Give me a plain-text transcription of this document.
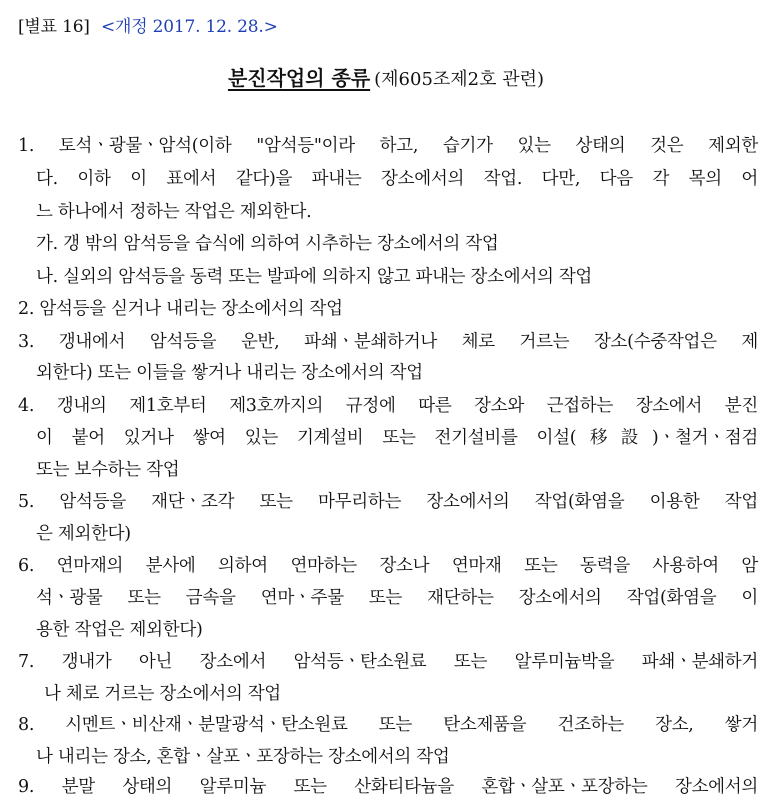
[별표 16] <개정 2017. 12. 28.>
분진작업의 종류 (제605조제2호 관련)
1. 토석ㆍ광물ㆍ암석(이하 "암석등"이라 하고, 습기가 있는 상태의 것은 제외한
다. 이하 이 표에서 같다)을 파내는 장소에서의 작업. 다만, 다음 각 목의 어
느 하나에서 정하는 작업은 제외한다.
가. 갱 밖의 암석등을 습식에 의하여 시추하는 장소에서의 작업
나. 실외의 암석등을 동력 또는 발파에 의하지 않고 파내는 장소에서의 작업
2. 암석등을 싣거나 내리는 장소에서의 작업
3. 갱내에서 암석등을 운반, 파쇄ㆍ분쇄하거나 체로 거르는 장소(수중작업은 제
외한다) 또는 이들을 쌓거나 내리는 장소에서의 작업
4. 갱내의 제1호부터 제3호까지의 규정에 따른 장소와 근접하는 장소에서 분진
이 붙어 있거나 쌓여 있는 기계설비 또는 전기설비를 이설(移設)ㆍ철거ㆍ점검
또는 보수하는 작업
5. 암석등을 재단ㆍ조각 또는 마무리하는 장소에서의 작업(화염을 이용한 작업
은 제외한다)
6. 연마재의 분사에 의하여 연마하는 장소나 연마재 또는 동력을 사용하여 암
석ㆍ광물 또는 금속을 연마ㆍ주물 또는 재단하는 장소에서의 작업(화염을 이
용한 작업은 제외한다)
7. 갱내가 아닌 장소에서 암석등ㆍ탄소원료 또는 알루미늄박을 파쇄ㆍ분쇄하거
나 체로 거르는 장소에서의 작업
8. 시멘트ㆍ비산재ㆍ분말광석ㆍ탄소원료 또는 탄소제품을 건조하는 장소, 쌓거
나 내리는 장소, 혼합ㆍ살포ㆍ포장하는 장소에서의 작업
9. 분말 상태의 알루미늄 또는 산화티타늄을 혼합ㆍ살포ㆍ포장하는 장소에서의
